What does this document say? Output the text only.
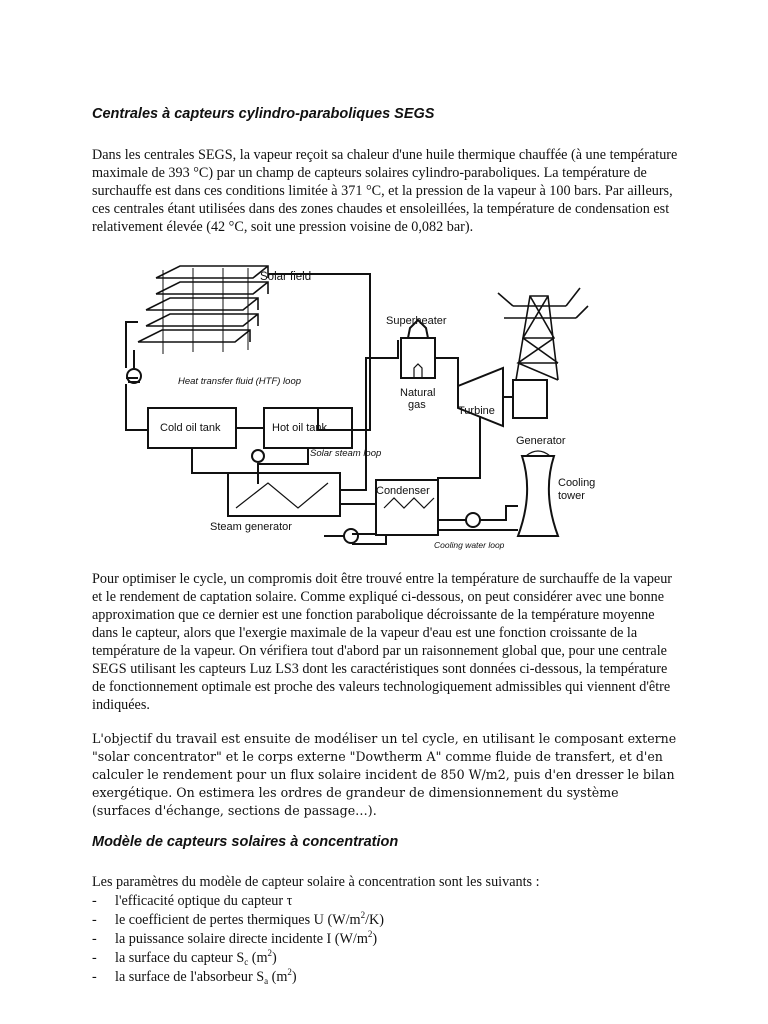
Centrales à capteurs cylindro-paraboliques SEGS
Dans les centrales SEGS, la vapeur reçoit sa chaleur d'une huile thermique chauffée (à une température maximale de 393 °C) par un champ de capteurs solaires cylindro-paraboliques. La température de surchauffe est dans ces conditions limitée à 371 °C, et la pression de la vapeur à 100 bars. Par ailleurs, ces centrales étant utilisées dans des zones chaudes et ensoleillées, la température de condensation est relativement élevée (42 °C, soit une pression voisine de 0,082 bar).
Solar field
Heat transfer fluid (HTF) loop
Cold oil tank	Hot oil tank
Solar steam loop
Steam generator
Superheater
Natural
gas	Turbine
Generator
Condenser
Cooling
tower
Cooling water loop
Pour optimiser le cycle, un compromis doit être trouvé entre la température de surchauffe de la vapeur et le rendement de captation solaire. Comme expliqué ci-dessous, on peut considérer avec une bonne approximation que ce dernier est une fonction parabolique décroissante de la température moyenne dans le capteur, alors que l'exergie maximale de la vapeur d'eau est une fonction croissante de la température de la vapeur. On vérifiera tout d'abord par un raisonnement global que, pour une centrale SEGS utilisant les capteurs Luz LS3 dont les caractéristiques sont données ci-dessous, la température de fonctionnement optimale est proche des valeurs technologiquement admissibles qui viennent d'être indiquées.
L'objectif du travail est ensuite de modéliser un tel cycle, en utilisant le composant externe "solar concentrator" et le corps externe "Dowtherm A" comme fluide de transfert, et d'en calculer le rendement pour un flux solaire incident de 850 W/m2, puis d'en dresser le bilan exergétique. On estimera les ordres de grandeur de dimensionnement du système (surfaces d'échange, sections de passage…).
Modèle de capteurs solaires à concentration
Les paramètres du modèle de capteur solaire à concentration sont les suivants :
-	l'efficacité optique du capteur τ
-	le coefficient de pertes thermiques U $(W/m^2/K)$
-	la puissance solaire directe incidente I $(W/m^2)$
-	la surface du capteur $S_c$ $(m^2)$
-	la surface de l'absorbeur $S_a$ $(m^2)$
